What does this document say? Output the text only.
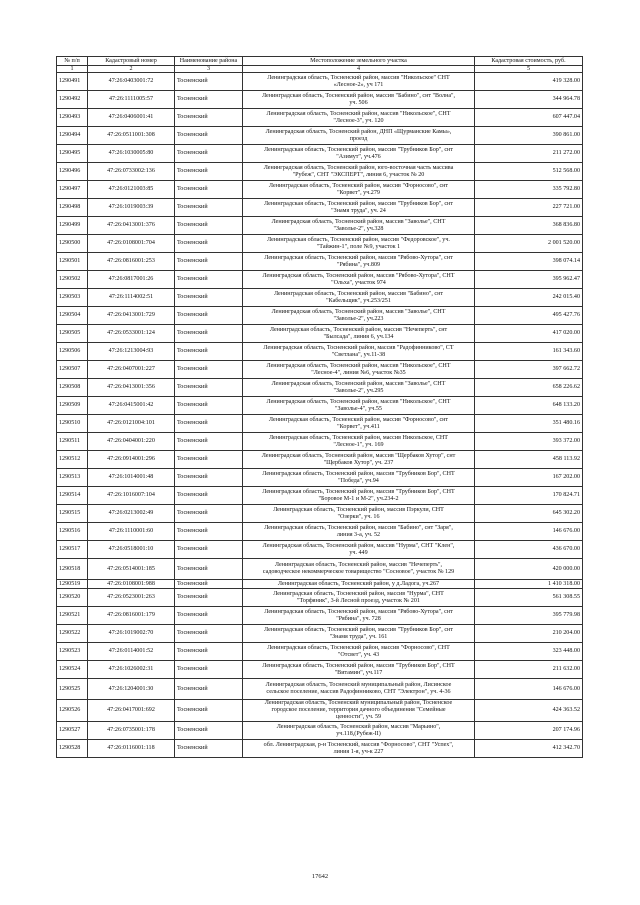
№ п/п	Кадастровый номер	Наименование района	Местоположение земельного участка	Кадастровая стоимость, руб.
1	2	3	4	5
1290491	47:26:0403001:72	Тосненский	Ленинградская область, Тосненский район, массив "Никольское" СНТ
«Лесное-2», уч 171	419 328.00
1290492	47:26:1111005:57	Тосненский	Ленинградская область, Тосненский район, массив "Бабино", снт "Волна",
уч. 506	344 964.78
1290493	47:26:0406001:41	Тосненский	Ленинградская область, Тосненский район, массив "Никольское", СНТ
"Лесное-3", уч. 120	607 447.04
1290494	47:26:0511001:308	Тосненский	Ленинградская область, Тосненский район, ДНП «Щурманские Камы»,
проезд	390 861.00
1290495	47:26:1030005:80	Тосненский	Ленинградская область, Тосненский район, массив "Трубников Бор", снт
"Азимут", уч.476	211 272.00
1290496	47:26:0733002:136	Тосненский	Ленинградская область, Тосненский район, юго-восточная часть массива
"Рубеж", СНТ "ЭКСПЕРТ", линия 6, участок № 20	512 568.00
1290497	47:26:0121003:85	Тосненский	Ленинградская область, Тосненский район, массив "Форносово", снт
"Корвет", уч.279	335 792.80
1290498	47:26:1019003:39	Тосненский	Ленинградская область, Тосненский район, массив "Трубников Бор", снт
"Знамя труда", уч. 24	227 721.00
1290499	47:26:0413001:376	Тосненский	Ленинградская область, Тосненский район, массив "Заволье", СНТ
"Заволье-2", уч.328	368 836.80
1290500	47:26:0108001:704	Тосненский	Ленинградская область, Тосненский район, массив "Федоровское", уч.
"Тайжин-1", поле №9, участок 1	2 001 520.00
1290501	47:26:0816001:253	Тосненский	Ленинградская область, Тосненский район, массив "Рябово-Хутора", снт
"Рябина", уч.809	398 074.14
1290502	47:26:0817001:26	Тосненский	Ленинградская область, Тосненский район, массив "Рябово-Хутора", СНТ
"Ольха", участок 974	395 962.47
1290503	47:26:1114002:51	Тосненский	Ленинградская область, Тосненский район, массив "Бабино", снт
"Кабельщик", уч.253/251	242 015.40
1290504	47:26:0413001:729	Тосненский	Ленинградская область, Тосненский район, массив "Заволье", СНТ
"Заволье-2", уч.223	495 427.76
1290505	47:26:0533001:124	Тосненский	Ленинградская область, Тосненский район, массив "Нечеперть", снт
"Былсада", линия 6, уч.134	417 020.00
1290506	47:26:1213004:93	Тосненский	Ленинградская область, Тосненский район, массив "Радофинниково", СТ
"Светлана", уч.11-38	161 343.60
1290507	47:26:0407001:227	Тосненский	Ленинградская область, Тосненский район, массив "Никольское", СНТ
"Лесное-4", линия №6, участок №35	397 662.72
1290508	47:26:0413001:356	Тосненский	Ленинградская область, Тосненский район, массив "Заволье", СНТ
"Заволье-2", уч.295	658 226.62
1290509	47:26:0415001:42	Тосненский	Ленинградская область, Тосненский район, массив "Никольское", СНТ
"Заволье-4", уч.55	648 133.20
1290510	47:26:0121004:101	Тосненский	Ленинградская область, Тосненский район, массив "Форносово", снт
"Корвет", уч.411	351 480.16
1290511	47:26:0404001:220	Тосненский	Ленинградская область, Тосненский район, массив Никольское, СНТ
"Лесное-1", уч. 169	393 372.00
1290512	47:26:0914001:296	Тосненский	Ленинградская область, Тосненский район, массив "Щербаков Хутор", снт
"Щербаков Хутор", уч. 237	458 113.92
1290513	47:26:1014001:48	Тосненский	Ленинградская область, Тосненский район, массив "Трубников Бор", СНТ
"Победа", уч.94	167 202.00
1290514	47:26:1016007:104	Тосненский	Ленинградская область, Тосненский район, массив "Трубников Бор", СНТ
"Боровое М-1 и М-2", уч.234-2	170 824.71
1290515	47:26:0213002:49	Тосненский	Ленинградская область, Тосненский район, массив Пэркули, СНТ
"Озерки", уч. 16	645 302.20
1290516	47:26:1110001:60	Тосненский	Ленинградская область, Тосненский район, массив "Бабино", снт "Заря",
линия 3-а, уч. 52	146 676.00
1290517	47:26:0518001:10	Тосненский	Ленинградская область, Тосненский район, массив "Нурма", СНТ "Клен",
уч. 449	436 670.00
1290518	47:26:0514001:185	Тосненский	Ленинградская область, Тосненский район, массив "Нечеперть",
садоводческое некоммерческое товарищество "Сосновое", участок № 129	420 000.00
1290519	47:26:0108001:988	Тосненский	Ленинградская область, Тосненский район, у д.Ладога, уч.267	1 410 318.00
1290520	47:26:0523001:263	Тосненский	Ленинградская область, Тосненский район, массив "Нурма", СНТ
"Торфяник", 3-й Лесной проезд, участок № 201	561 308.55
1290521	47:26:0816001:179	Тосненский	Ленинградская область, Тосненский район, массив "Рябово-Хутора", снт
"Рябина", уч. 728	395 779.98
1290522	47:26:1019002:70	Тосненский	Ленинградская область, Тосненский район, массив "Трубников Бор", снт
"Знамя труда", уч. 161	210 204.00
1290523	47:26:0114001:52	Тосненский	Ленинградская область, Тосненский район, массив "Форносово", СНТ
"Отсвет", уч. 43	323 448.00
1290524	47:26:1026002:31	Тосненский	Ленинградская область, Тосненский район, массив "Трубников Бор", СНТ
"Витамин", уч.117	211 632.00
1290525	47:26:1204001:30	Тосненский	Ленинградская область, Тосненский муниципальный район, Лисинское
сельское поселение, массив Радофинниково, СНТ "Электрон", уч. 4-36	146 676.00
1290526	47:26:0417001:692	Тосненский	Ленинградская область, Тосненский муниципальный район, Тосненское
городское поселение, территория дачного объединения "Семейные
ценности", уч. 59	424 363.52
1290527	47:26:0735001:178	Тосненский	Ленинградская область, Тосненский район, массив "Марьино",
уч.118,(Рубеж-II)	207 174.96
1290528	47:26:0116001:118	Тосненский	обл. Ленинградская, р-н Тосненский, массив "Форносово", СНТ "Успех",
линия 1-я, уч-к 227	412 342.70
17642
